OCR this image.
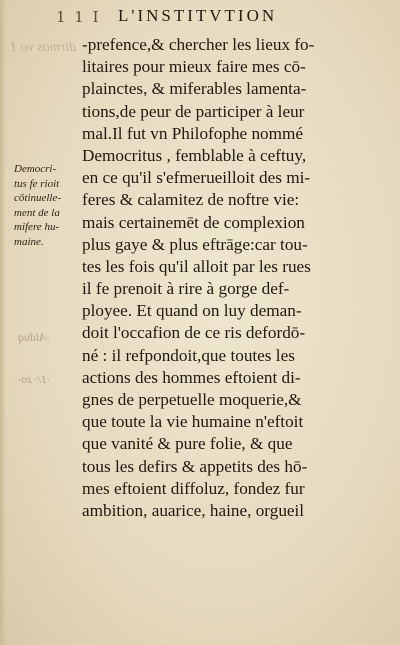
1 1 I L'INSTITVTION
dirmos vo 1
·Alduq
·1/· zo·
-prefence,& chercher les lieux fo-
litaires pour mieux faire mes cō-
plainctes, & miferables lamenta-
tions,de peur de participer à leur
mal.Il fut vn Philofophe nommé
Democritus , femblable à ceftuy,
en ce qu'il s'efmerueilloit des mi-
feres & calamitez de noftre vie:
mais certainemēt de complexion
plus gaye & plus eftrāge:car tou-
tes les fois qu'il alloit par les rues
il fe prenoit à rire à gorge def-
ployee. Et quand on luy deman-
doit l'occafion de ce ris defordō-
né : il refpondoit,que toutes les
actions des hommes eftoient di-
gnes de perpetuelle moquerie,&
que toute la vie humaine n'eftoit
que vanité & pure folie, & que
tous les defirs & appetits des hō-
mes eftoient diffoluz, fondez fur
ambition, auarice, haine, orgueil
Democri-
tus fe rioit
cōtinuelle-
ment de la
mifere hu-
maine.
